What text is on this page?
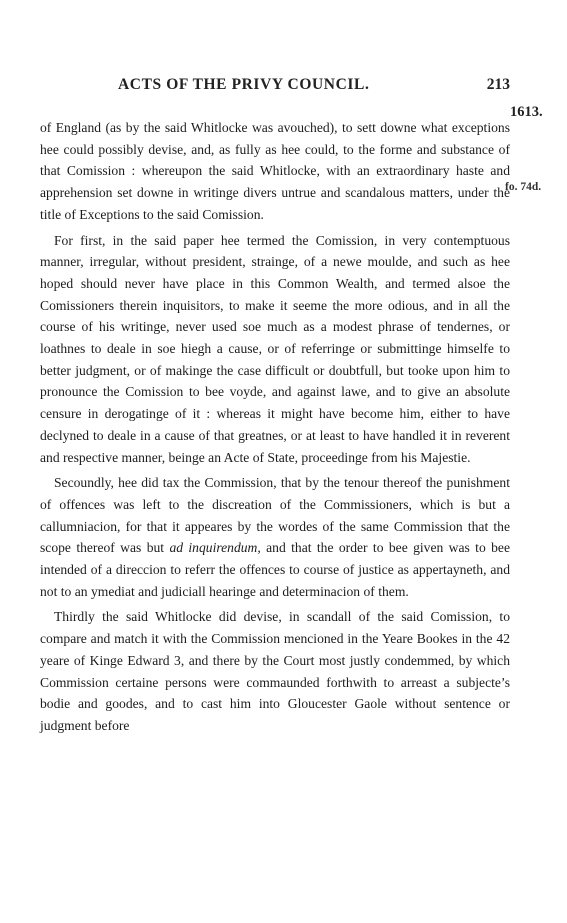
ACTS OF THE PRIVY COUNCIL.	213
1613.
fo. 74d.

of England (as by the said Whitlocke was avouched), to sett downe what exceptions hee could possibly devise, and, as fully as hee could, to the forme and substance of that Comission : whereupon the said Whitlocke, with an extraordinary haste and apprehension set downe in writinge divers untrue and scandalous matters, under the title of Exceptions to the said Comission.

For first, in the said paper hee termed the Comission, in very contemptuous manner, irregular, without president, strainge, of a newe moulde, and such as hee hoped should never have place in this Common Wealth, and termed alsoe the Comissioners therein inquisitors, to make it seeme the more odious, and in all the course of his writinge, never used soe much as a modest phrase of tendernes, or loathnes to deale in soe hiegh a cause, or of referringe or submittinge himselfe to better judgment, or of makinge the case difficult or doubtfull, but tooke upon him to pronounce the Comission to bee voyde, and against lawe, and to give an absolute censure in derogatinge of it : whereas it might have become him, either to have declyned to deale in a cause of that greatnes, or at least to have handled it in reverent and respective manner, beinge an Acte of State, proceedinge from his Majestie.

Secoundly, hee did tax the Commission, that by the tenour thereof the punishment of offences was left to the discreation of the Commissioners, which is but a callumniacion, for that it appeares by the wordes of the same Commission that the scope thereof was but ad inquirendum, and that the order to bee given was to bee intended of a direccion to referr the offences to course of justice as appertayneth, and not to an ymediat and judiciall hearinge and determinacion of them.

Thirdly the said Whitlocke did devise, in scandall of the said Comission, to compare and match it with the Commission mencioned in the Yeare Bookes in the 42 yeare of Kinge Edward 3, and there by the Court most justly condemmed, by which Commission certaine persons were commaunded forthwith to arreast a subjecte’s bodie and goodes, and to cast him into Gloucester Gaole without sentence or judgment before
